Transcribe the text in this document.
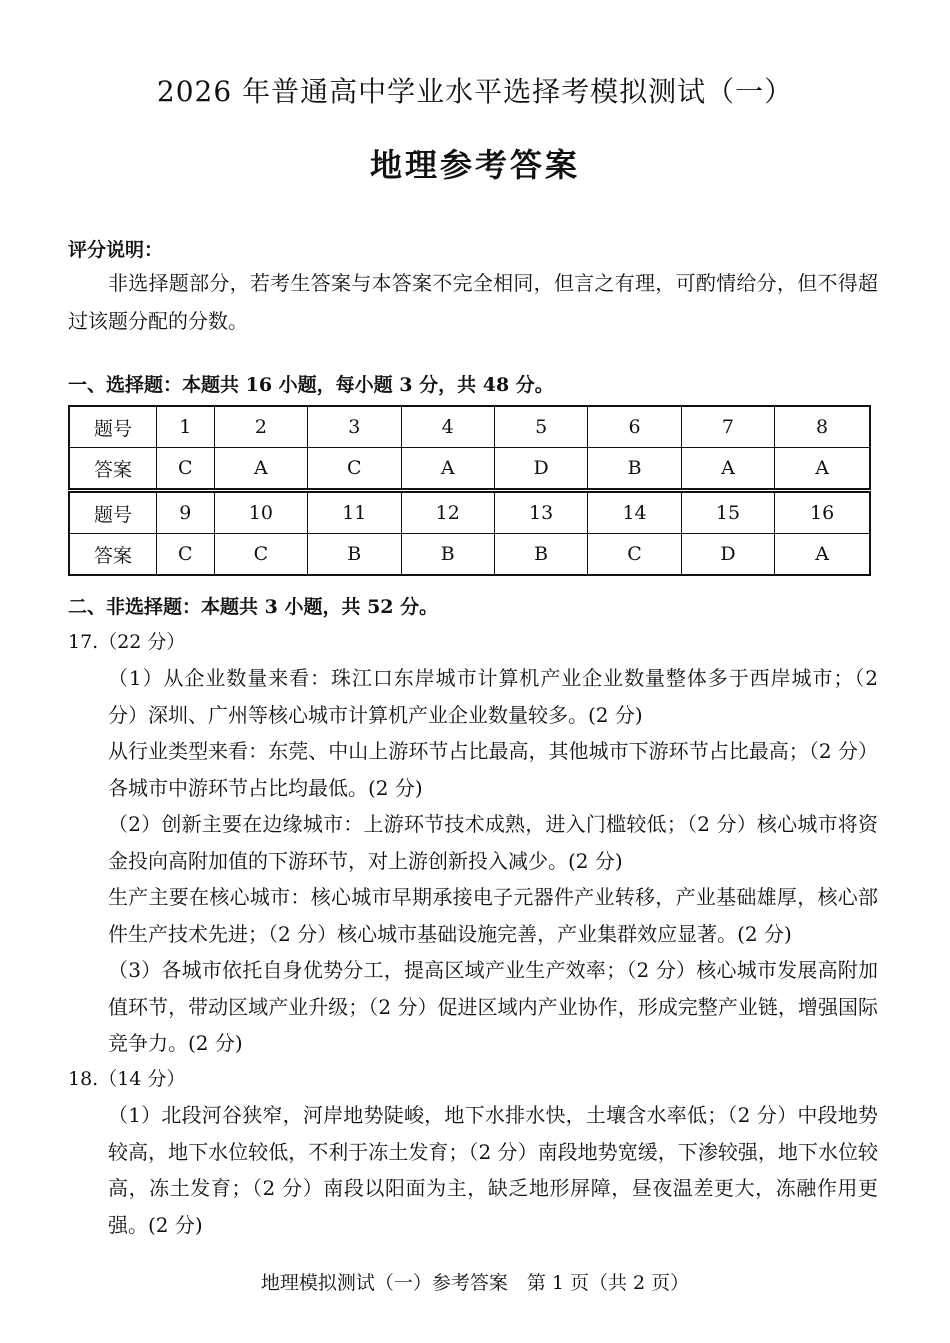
2026 年普通高中学业水平选择考模拟测试（一）
地理参考答案
评分说明：
非选择题部分，若考生答案与本答案不完全相同，但言之有理，可酌情给分，但不得超过该题分配的分数。
一、选择题：本题共 16 小题，每小题 3 分，共 48 分。
题号	1	2	3	4	5	6	7	8
答案	C	A	C	A	D	B	A	A
题号	9	10	11	12	13	14	15	16
答案	C	C	B	B	B	C	D	A
二、非选择题：本题共 3 小题，共 52 分。
17.（22 分）
（1）从企业数量来看：珠江口东岸城市计算机产业企业数量整体多于西岸城市；（2 分）深圳、广州等核心城市计算机产业企业数量较多。(2 分)
从行业类型来看：东莞、中山上游环节占比最高，其他城市下游环节占比最高；（2 分）各城市中游环节占比均最低。(2 分)
（2）创新主要在边缘城市：上游环节技术成熟，进入门槛较低；（2 分）核心城市将资金投向高附加值的下游环节，对上游创新投入减少。(2 分)
生产主要在核心城市：核心城市早期承接电子元器件产业转移，产业基础雄厚，核心部件生产技术先进；（2 分）核心城市基础设施完善，产业集群效应显著。(2 分)
（3）各城市依托自身优势分工，提高区域产业生产效率；（2 分）核心城市发展高附加值环节，带动区域产业升级；（2 分）促进区域内产业协作，形成完整产业链，增强国际竞争力。(2 分)
18.（14 分）
（1）北段河谷狭窄，河岸地势陡峻，地下水排水快，土壤含水率低；（2 分）中段地势较高，地下水位较低，不利于冻土发育；（2 分）南段地势宽缓，下渗较强，地下水位较高，冻土发育；（2 分）南段以阳面为主，缺乏地形屏障，昼夜温差更大，冻融作用更强。(2 分)
地理模拟测试（一）参考答案　第 1 页（共 2 页）
